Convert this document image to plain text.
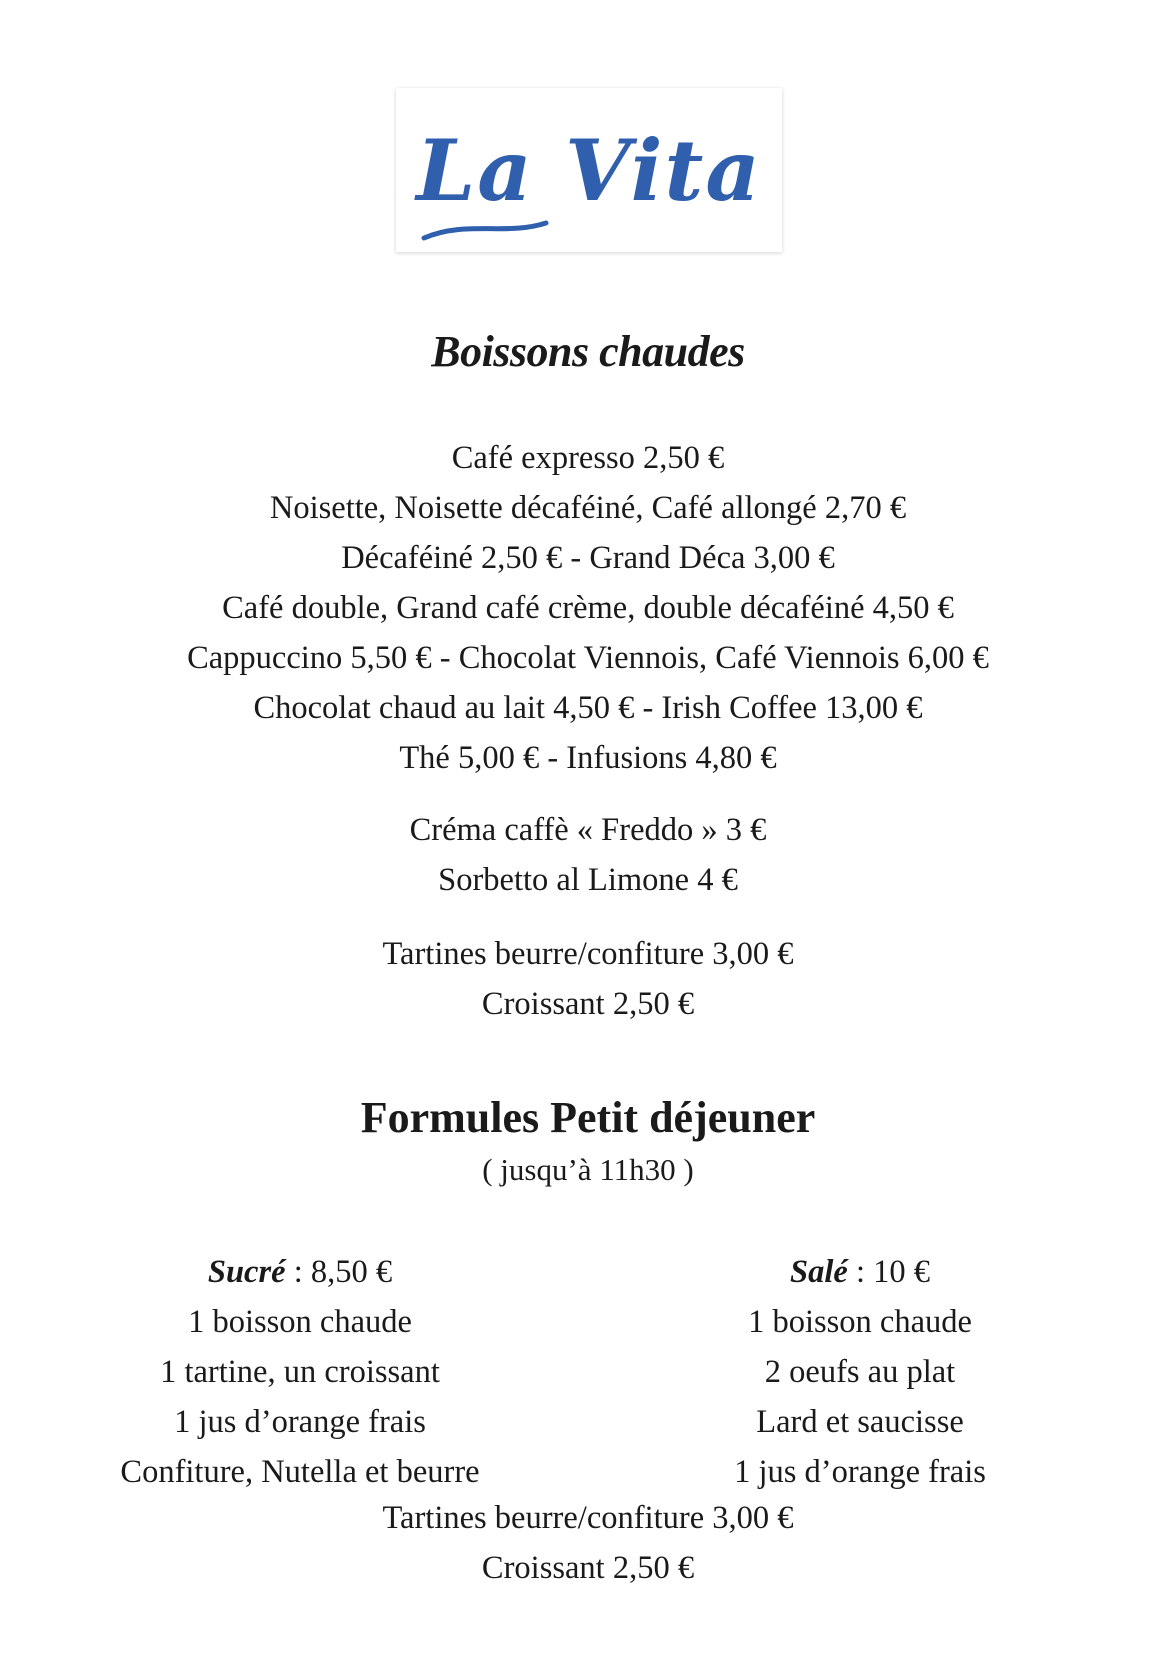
La Vita
Boissons chaudes
Café expresso 2,50 €
Noisette, Noisette décaféiné, Café allongé 2,70 €
Décaféiné 2,50 € - Grand Déca 3,00 €
Café double, Grand café crème, double décaféiné 4,50 €
Cappuccino 5,50 € - Chocolat Viennois, Café Viennois 6,00 €
Chocolat chaud au lait 4,50 € - Irish Coffee 13,00 €
Thé 5,00 € - Infusions 4,80 €
Créma caffè « Freddo » 3 €
Sorbetto al Limone 4 €
Tartines beurre/confiture 3,00 €
Croissant 2,50 €
Formules Petit déjeuner
( jusqu’à 11h30 )
Sucré : 8,50 €
1 boisson chaude
1 tartine, un croissant
1 jus d’orange frais
Confiture, Nutella et beurre
Salé : 10 €
1 boisson chaude
2 oeufs au plat
Lard et saucisse
1 jus d’orange frais
Tartines beurre/confiture 3,00 €
Croissant 2,50 €
